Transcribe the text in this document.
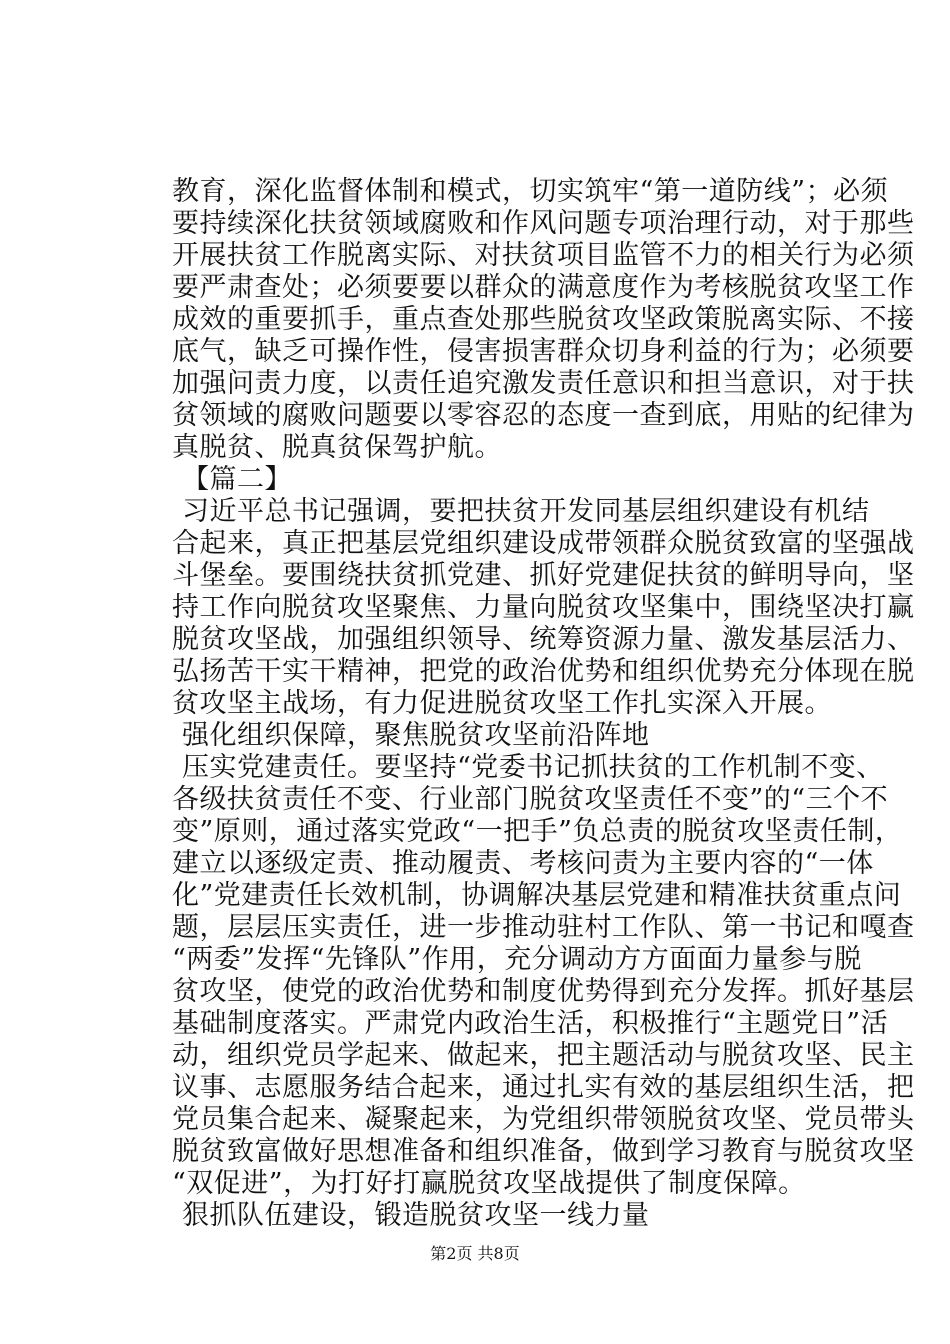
教育，深化监督体制和模式，切实筑牢“第一道防线”；必须
要持续深化扶贫领域腐败和作风问题专项治理行动，对于那些
开展扶贫工作脱离实际、对扶贫项目监管不力的相关行为必须
要严肃查处；必须要要以群众的满意度作为考核脱贫攻坚工作
成效的重要抓手，重点查处那些脱贫攻坚政策脱离实际、不接
底气，缺乏可操作性，侵害损害群众切身利益的行为；必须要
加强问责力度，以责任追究激发责任意识和担当意识，对于扶
贫领域的腐败问题要以零容忍的态度一查到底，用贴的纪律为
真脱贫、脱真贫保驾护航。
【篇二】
习近平总书记强调，要把扶贫开发同基层组织建设有机结
合起来，真正把基层党组织建设成带领群众脱贫致富的坚强战
斗堡垒。要围绕扶贫抓党建、抓好党建促扶贫的鲜明导向，坚
持工作向脱贫攻坚聚焦、力量向脱贫攻坚集中，围绕坚决打赢
脱贫攻坚战，加强组织领导、统筹资源力量、激发基层活力、
弘扬苦干实干精神，把党的政治优势和组织优势充分体现在脱
贫攻坚主战场，有力促进脱贫攻坚工作扎实深入开展。
强化组织保障，聚焦脱贫攻坚前沿阵地
压实党建责任。要坚持“党委书记抓扶贫的工作机制不变、
各级扶贫责任不变、行业部门脱贫攻坚责任不变”的“三个不
变”原则，通过落实党政“一把手”负总责的脱贫攻坚责任制，
建立以逐级定责、推动履责、考核问责为主要内容的“一体
化”党建责任长效机制，协调解决基层党建和精准扶贫重点问
题，层层压实责任，进一步推动驻村工作队、第一书记和嘎查
“两委”发挥“先锋队”作用，充分调动方方面面力量参与脱
贫攻坚，使党的政治优势和制度优势得到充分发挥。抓好基层
基础制度落实。严肃党内政治生活，积极推行“主题党日”活
动，组织党员学起来、做起来，把主题活动与脱贫攻坚、民主
议事、志愿服务结合起来，通过扎实有效的基层组织生活，把
党员集合起来、凝聚起来，为党组织带领脱贫攻坚、党员带头
脱贫致富做好思想准备和组织准备，做到学习教育与脱贫攻坚
“双促进”，为打好打赢脱贫攻坚战提供了制度保障。
狠抓队伍建设，锻造脱贫攻坚一线力量
第2页 共8页
